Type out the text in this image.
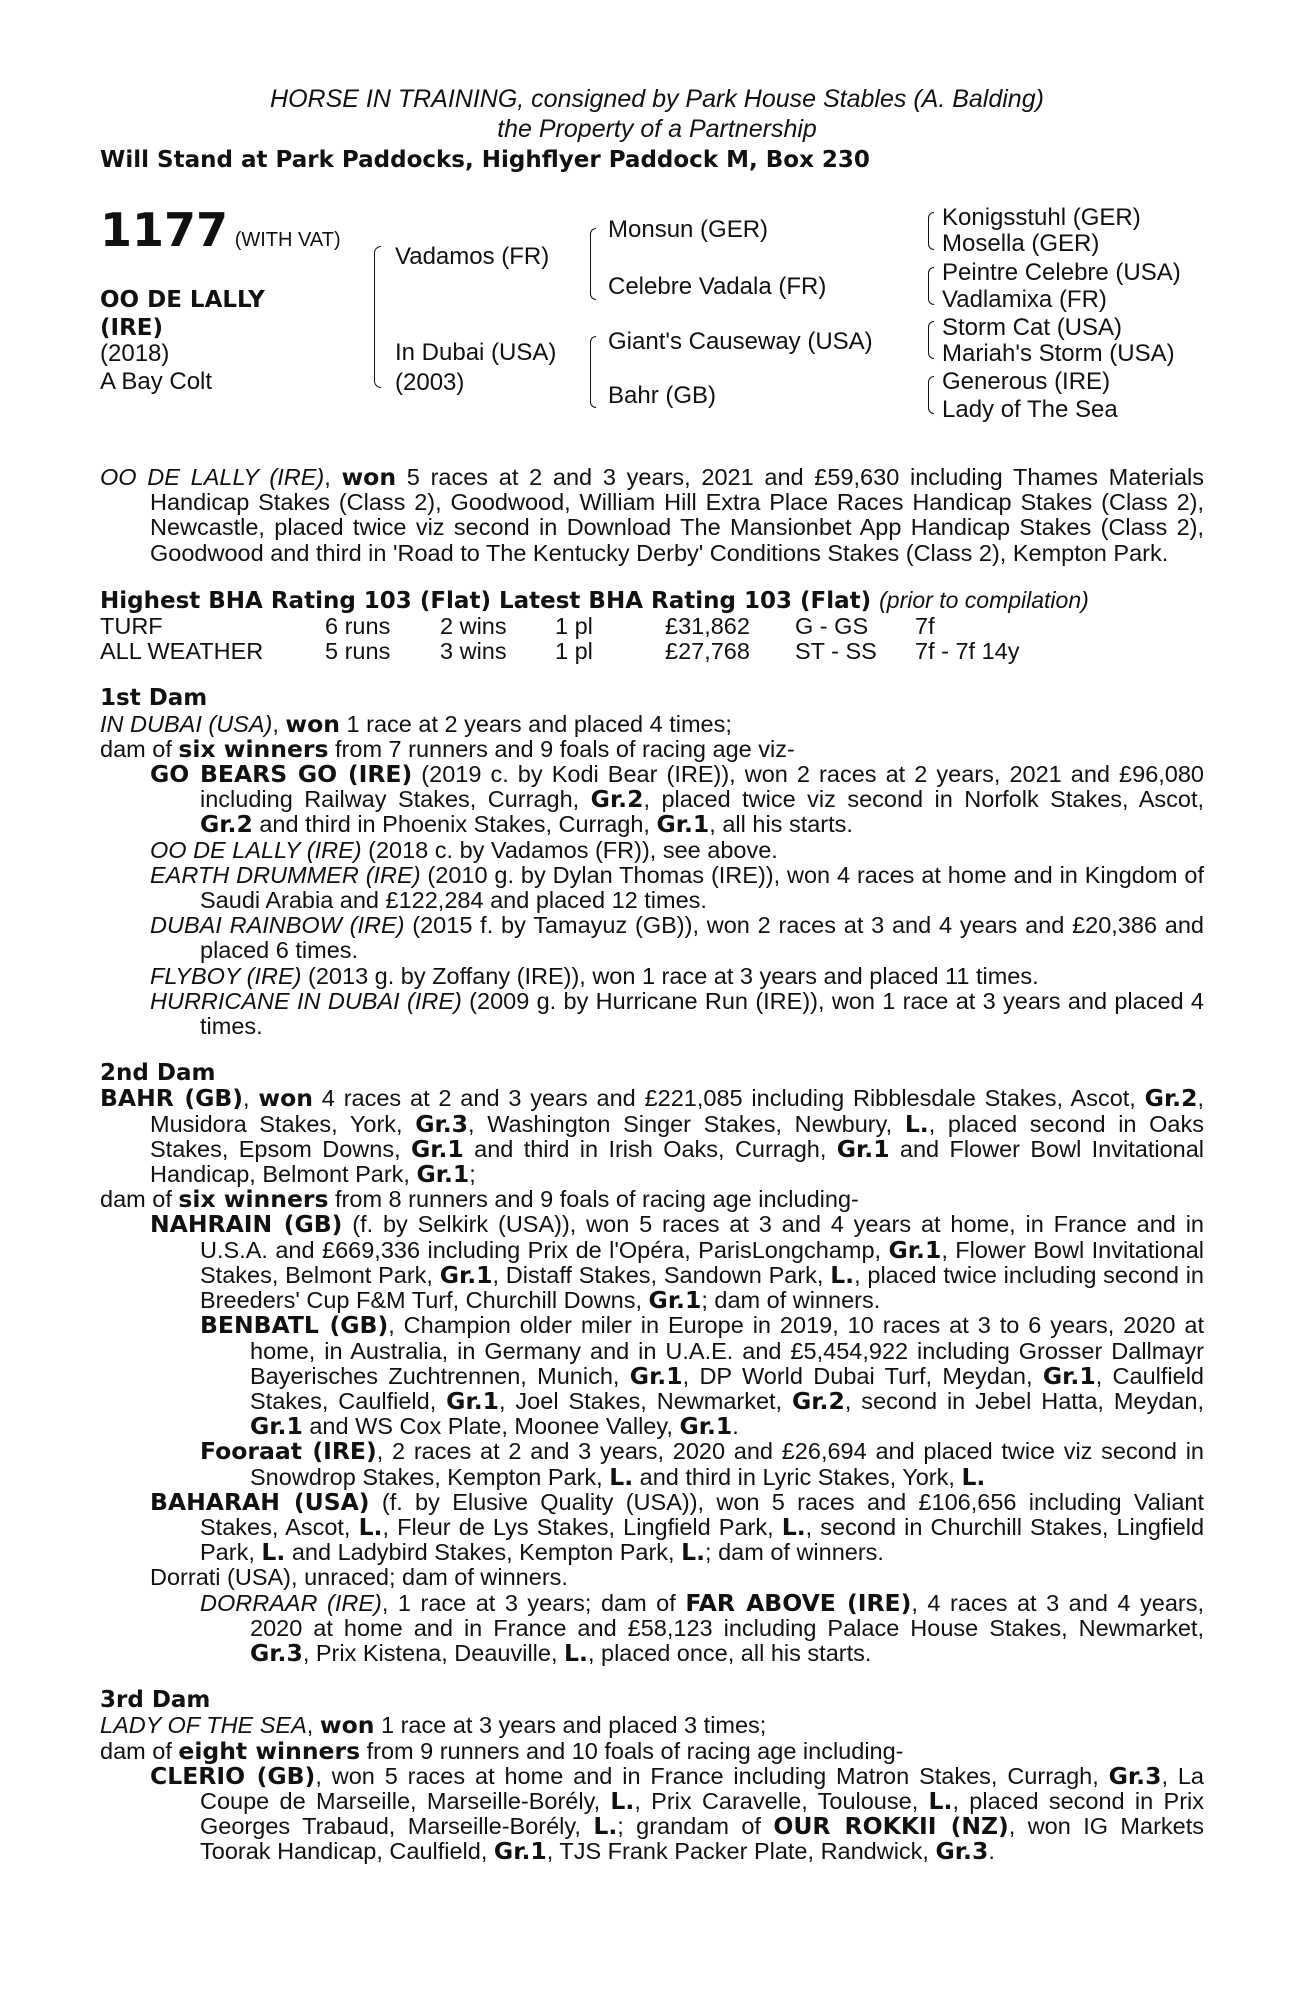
HORSE IN TRAINING, consigned by Park House Stables (A. Balding)
the Property of a Partnership
Will Stand at Park Paddocks, Highflyer Paddock M, Box 230
1177 (WITH VAT)
OO DE LALLY
(IRE)
(2018)
A Bay Colt
Vadamos (FR)
In Dubai (USA)
(2003)
Monsun (GER)
Celebre Vadala (FR)
Giant's Causeway (USA)
Bahr (GB)
Konigsstuhl (GER)
Mosella (GER)
Peintre Celebre (USA)
Vadlamixa (FR)
Storm Cat (USA)
Mariah's Storm (USA)
Generous (IRE)
Lady of The Sea

OO DE LALLY (IRE), won 5 races at 2 and 3 years, 2021 and £59,630 including Thames Materials Handicap Stakes (Class 2), Goodwood, William Hill Extra Place Races Handicap Stakes (Class 2), Newcastle, placed twice viz second in Download The Mansionbet App Handicap Stakes (Class 2), Goodwood and third in 'Road to The Kentucky Derby' Conditions Stakes (Class 2), Kempton Park.

Highest BHA Rating 103 (Flat) Latest BHA Rating 103 (Flat) (prior to compilation)

TURF	6 runs	2 wins	1 pl	£31,862	G - GS	7f
ALL WEATHER	5 runs	3 wins	1 pl	£27,768	ST - SS	7f - 7f 14y

1st Dam

IN DUBAI (USA), won 1 race at 2 years and placed 4 times;

dam of six winners from 7 runners and 9 foals of racing age viz-

GO BEARS GO (IRE) (2019 c. by Kodi Bear (IRE)), won 2 races at 2 years, 2021 and £96,080 including Railway Stakes, Curragh, Gr.2, placed twice viz second in Norfolk Stakes, Ascot, Gr.2 and third in Phoenix Stakes, Curragh, Gr.1, all his starts.

OO DE LALLY (IRE) (2018 c. by Vadamos (FR)), see above.

EARTH DRUMMER (IRE) (2010 g. by Dylan Thomas (IRE)), won 4 races at home and in Kingdom of Saudi Arabia and £122,284 and placed 12 times.

DUBAI RAINBOW (IRE) (2015 f. by Tamayuz (GB)), won 2 races at 3 and 4 years and £20,386 and placed 6 times.

FLYBOY (IRE) (2013 g. by Zoffany (IRE)), won 1 race at 3 years and placed 11 times.

HURRICANE IN DUBAI (IRE) (2009 g. by Hurricane Run (IRE)), won 1 race at 3 years and placed 4 times.

2nd Dam

BAHR (GB), won 4 races at 2 and 3 years and £221,085 including Ribblesdale Stakes, Ascot, Gr.2, Musidora Stakes, York, Gr.3, Washington Singer Stakes, Newbury, L., placed second in Oaks Stakes, Epsom Downs, Gr.1 and third in Irish Oaks, Curragh, Gr.1 and Flower Bowl Invitational Handicap, Belmont Park, Gr.1;

dam of six winners from 8 runners and 9 foals of racing age including-

NAHRAIN (GB) (f. by Selkirk (USA)), won 5 races at 3 and 4 years at home, in France and in U.S.A. and £669,336 including Prix de l'Opéra, ParisLongchamp, Gr.1, Flower Bowl Invitational Stakes, Belmont Park, Gr.1, Distaff Stakes, Sandown Park, L., placed twice including second in Breeders' Cup F&M Turf, Churchill Downs, Gr.1; dam of winners.

BENBATL (GB), Champion older miler in Europe in 2019, 10 races at 3 to 6 years, 2020 at home, in Australia, in Germany and in U.A.E. and £5,454,922 including Grosser Dallmayr Bayerisches Zuchtrennen, Munich, Gr.1, DP World Dubai Turf, Meydan, Gr.1, Caulfield Stakes, Caulfield, Gr.1, Joel Stakes, Newmarket, Gr.2, second in Jebel Hatta, Meydan, Gr.1 and WS Cox Plate, Moonee Valley, Gr.1.

Fooraat (IRE), 2 races at 2 and 3 years, 2020 and £26,694 and placed twice viz second in Snowdrop Stakes, Kempton Park, L. and third in Lyric Stakes, York, L.

BAHARAH (USA) (f. by Elusive Quality (USA)), won 5 races and £106,656 including Valiant Stakes, Ascot, L., Fleur de Lys Stakes, Lingfield Park, L., second in Churchill Stakes, Lingfield Park, L. and Ladybird Stakes, Kempton Park, L.; dam of winners.

Dorrati (USA), unraced; dam of winners.

DORRAAR (IRE), 1 race at 3 years; dam of FAR ABOVE (IRE), 4 races at 3 and 4 years, 2020 at home and in France and £58,123 including Palace House Stakes, Newmarket, Gr.3, Prix Kistena, Deauville, L., placed once, all his starts.

3rd Dam

LADY OF THE SEA, won 1 race at 3 years and placed 3 times;

dam of eight winners from 9 runners and 10 foals of racing age including-

CLERIO (GB), won 5 races at home and in France including Matron Stakes, Curragh, Gr.3, La Coupe de Marseille, Marseille-Borély, L., Prix Caravelle, Toulouse, L., placed second in Prix Georges Trabaud, Marseille-Borély, L.; grandam of OUR ROKKII (NZ), won IG Markets Toorak Handicap, Caulfield, Gr.1, TJS Frank Packer Plate, Randwick, Gr.3.
